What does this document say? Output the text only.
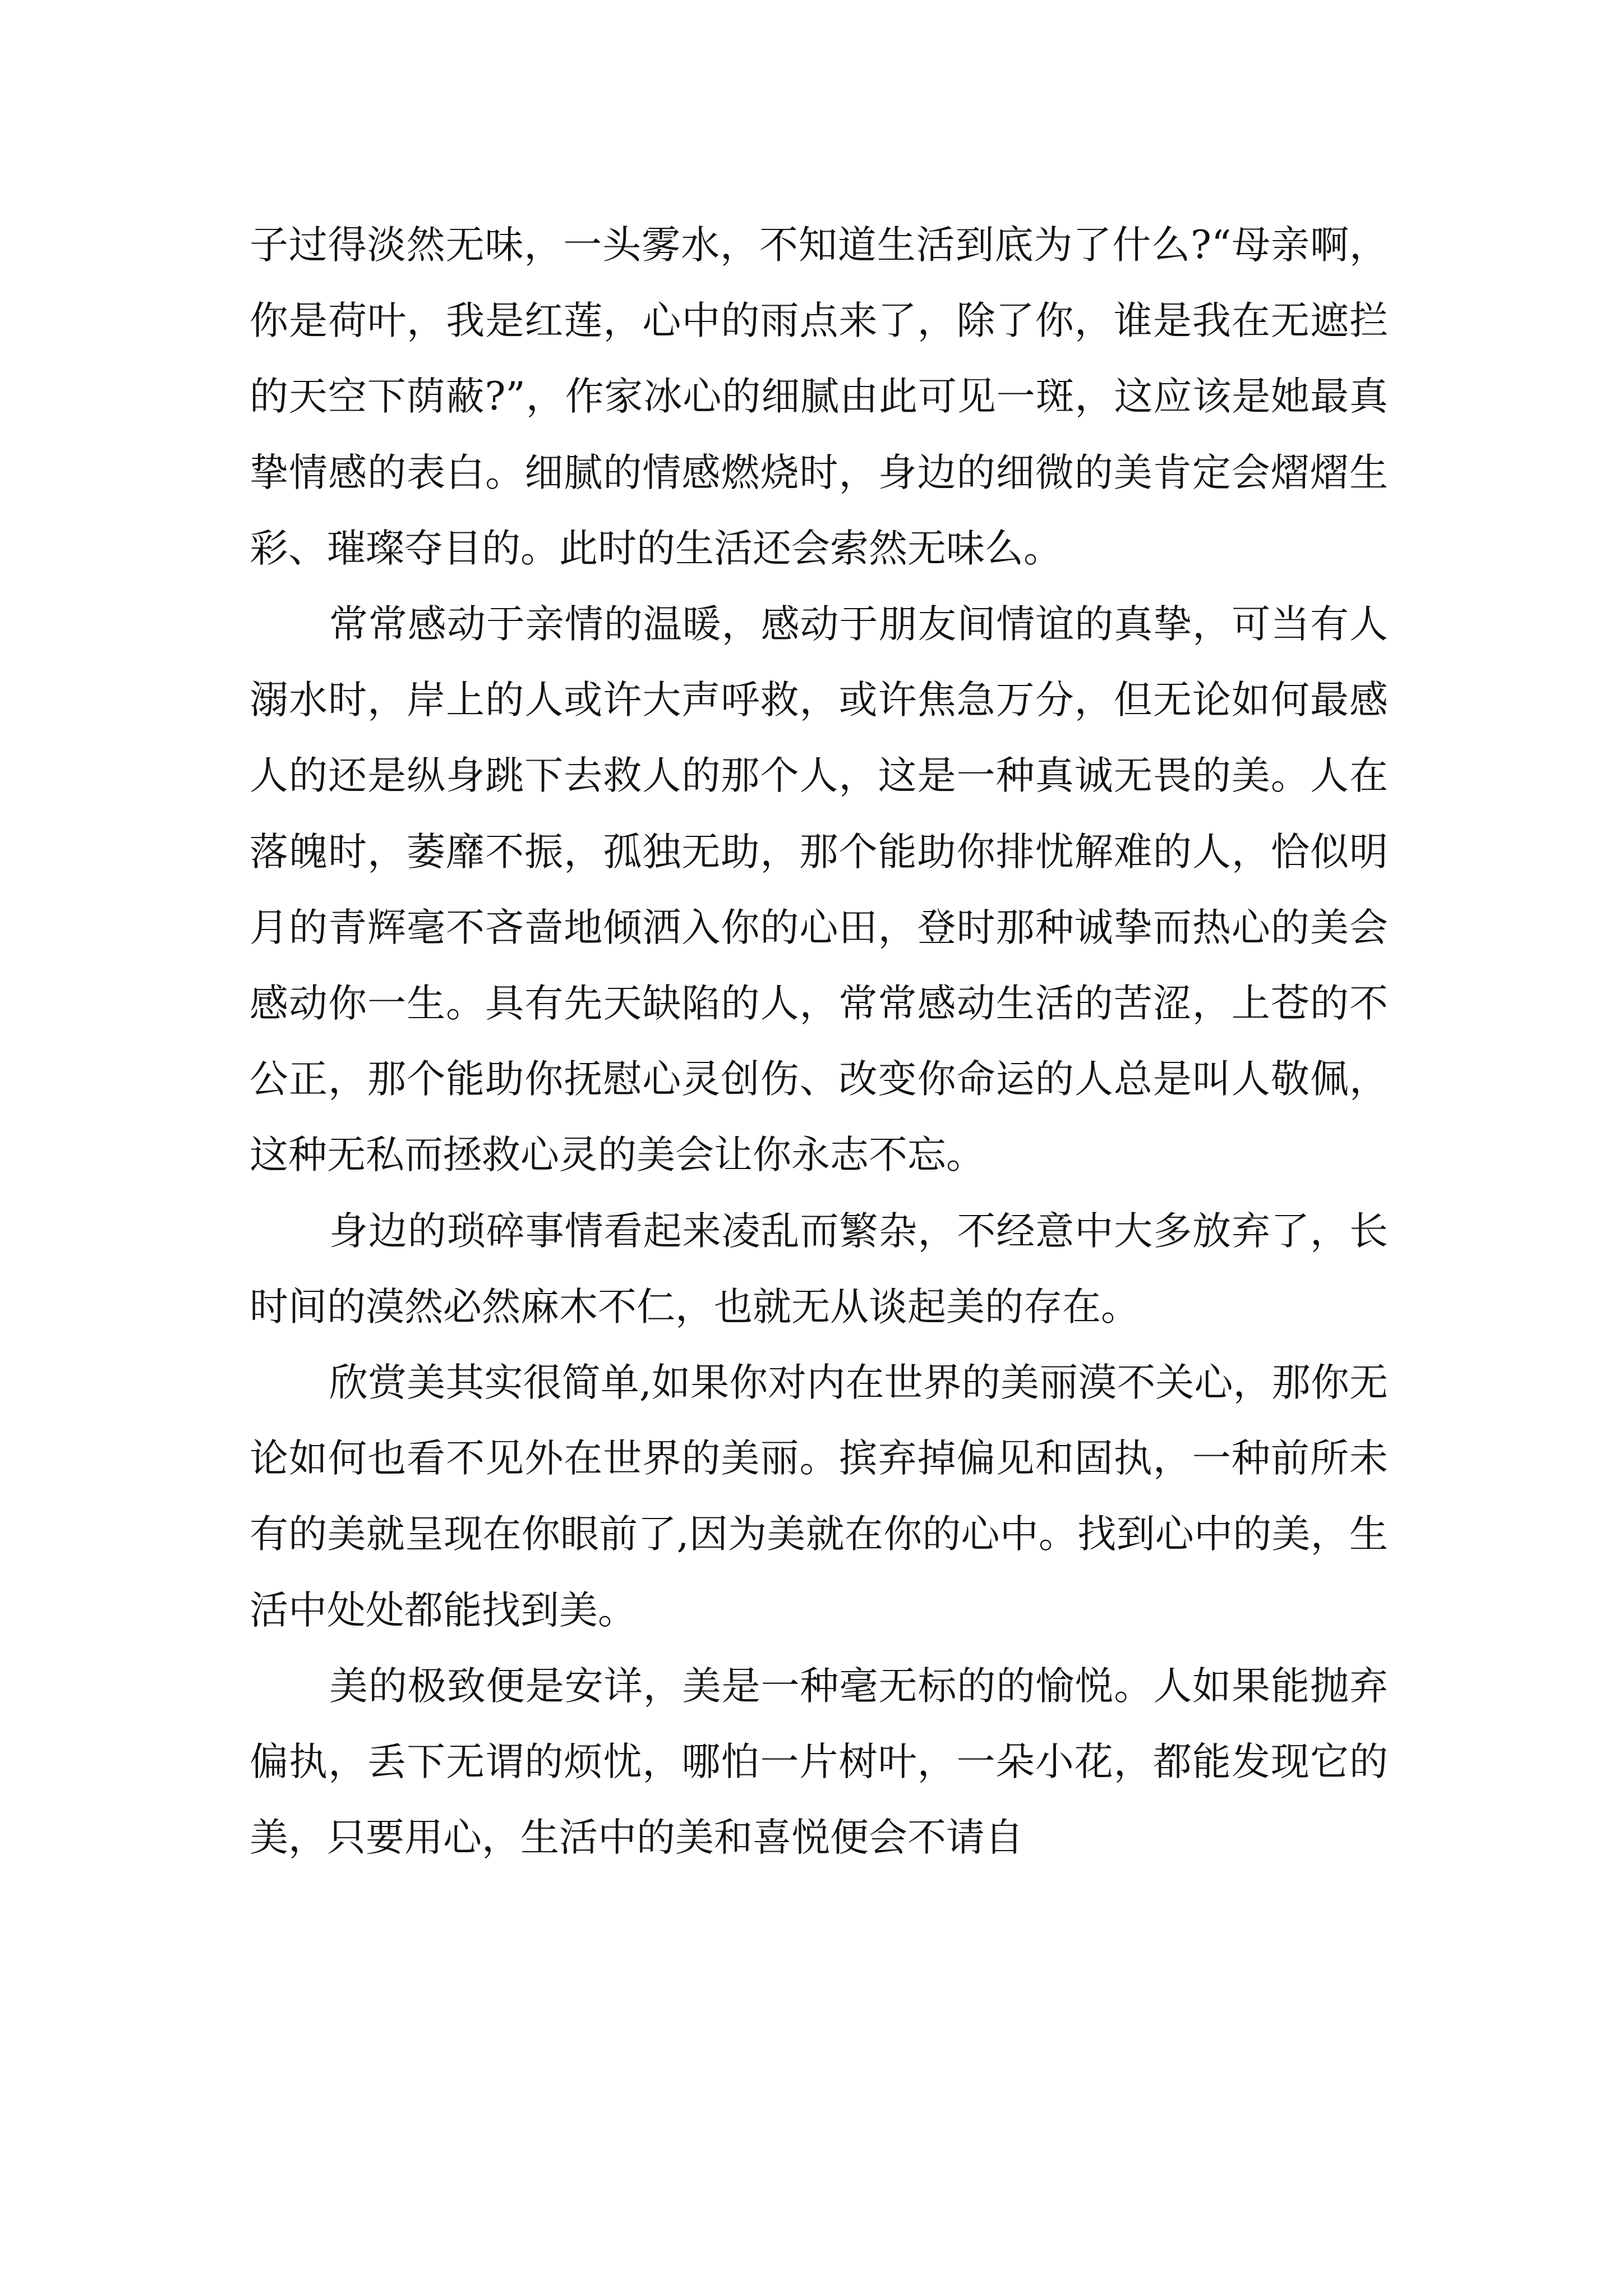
子过得淡然无味，一头雾水，不知道生活到底为了什么?“母亲啊，你是荷叶，我是红莲，心中的雨点来了，除了你，谁是我在无遮拦的天空下荫蔽?”，作家冰心的细腻由此可见一斑，这应该是她最真挚情感的表白。细腻的情感燃烧时，身边的细微的美肯定会熠熠生彩、璀璨夺目的。此时的生活还会索然无味么。

常常感动于亲情的温暖，感动于朋友间情谊的真挚，可当有人溺水时，岸上的人或许大声呼救，或许焦急万分，但无论如何最感人的还是纵身跳下去救人的那个人，这是一种真诚无畏的美。人在落魄时，萎靡不振，孤独无助，那个能助你排忧解难的人，恰似明月的青辉毫不吝啬地倾洒入你的心田，登时那种诚挚而热心的美会感动你一生。具有先天缺陷的人，常常感动生活的苦涩，上苍的不公正，那个能助你抚慰心灵创伤、改变你命运的人总是叫人敬佩，这种无私而拯救心灵的美会让你永志不忘。

身边的琐碎事情看起来凌乱而繁杂，不经意中大多放弃了，长时间的漠然必然麻木不仁，也就无从谈起美的存在。

欣赏美其实很简单,如果你对内在世界的美丽漠不关心，那你无论如何也看不见外在世界的美丽。摈弃掉偏见和固执，一种前所未有的美就呈现在你眼前了,因为美就在你的心中。找到心中的美，生活中处处都能找到美。

美的极致便是安详，美是一种毫无标的的愉悦。人如果能抛弃偏执，丢下无谓的烦忧，哪怕一片树叶，一朵小花，都能发现它的美，只要用心，生活中的美和喜悦便会不请自
